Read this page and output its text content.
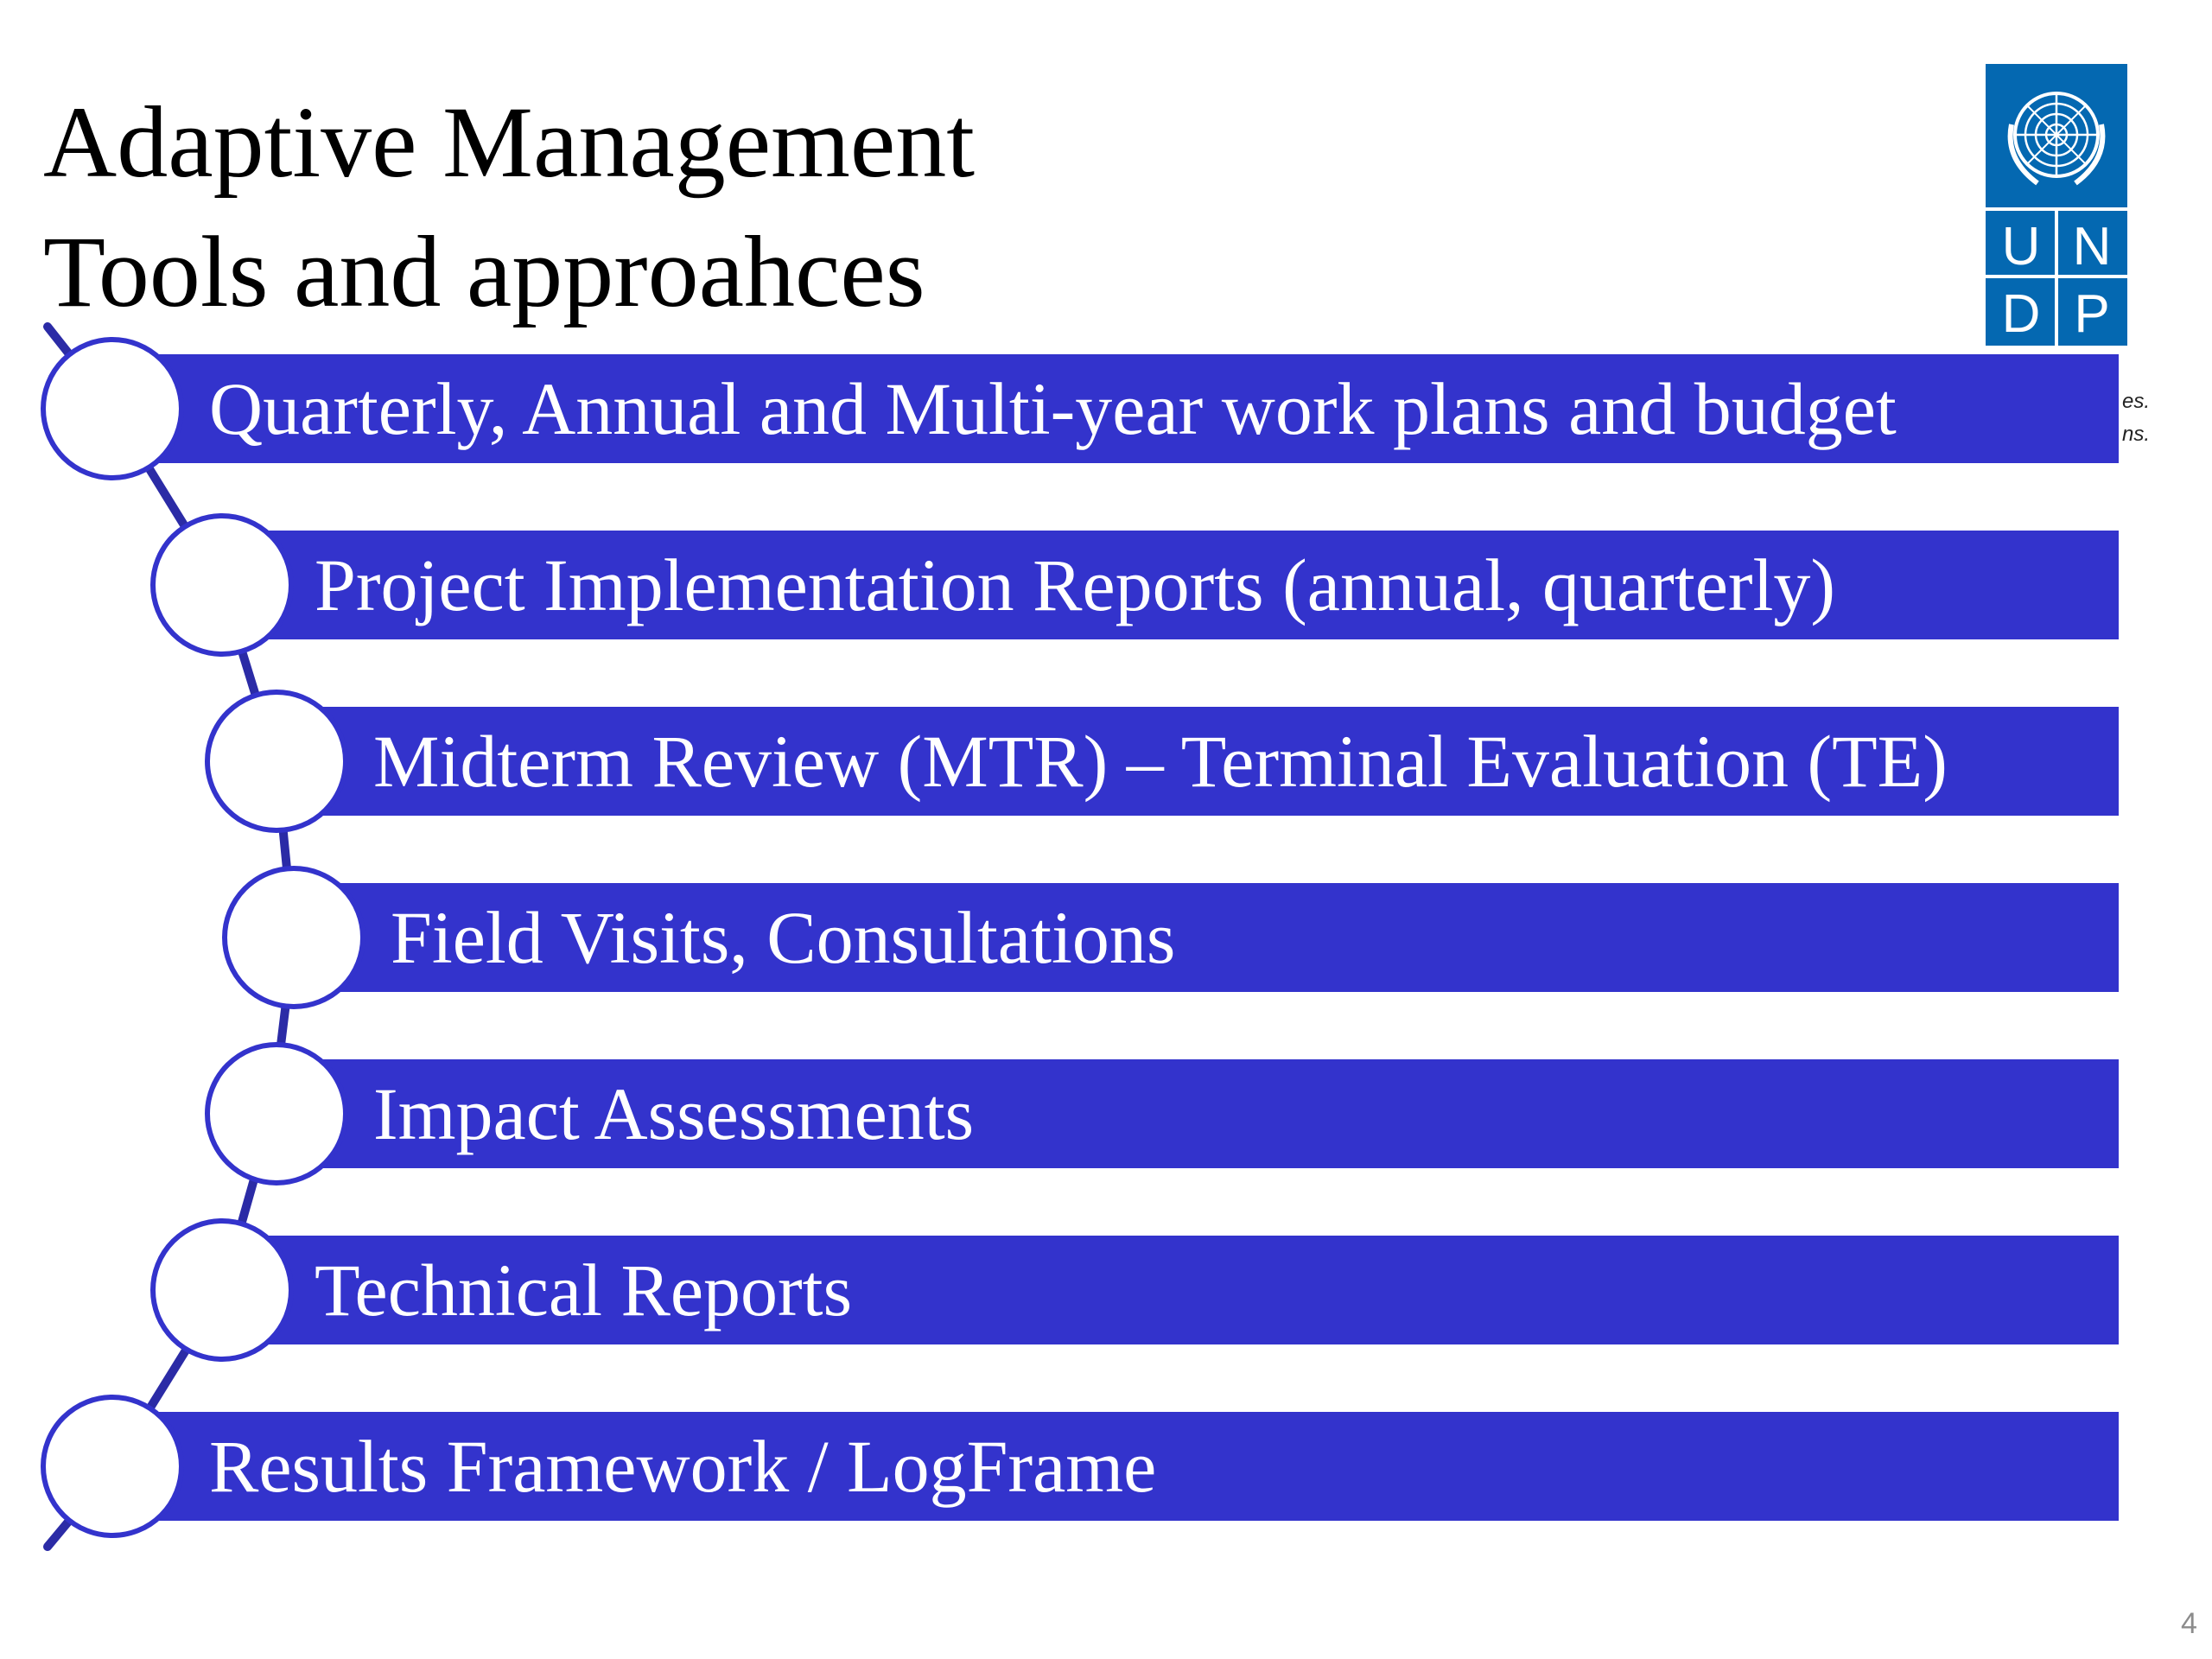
Adaptive Management
Tools and approahces	U N
D P
es.
ns.
Quarterly, Annual and Multi-year work plans and budget
Project Implementation Reports (annual, quarterly)
Midterm Review (MTR) – Terminal Evaluation (TE)
Field Visits, Consultations
Impact Assessments
Technical Reports
Results Framework / LogFrame
4
